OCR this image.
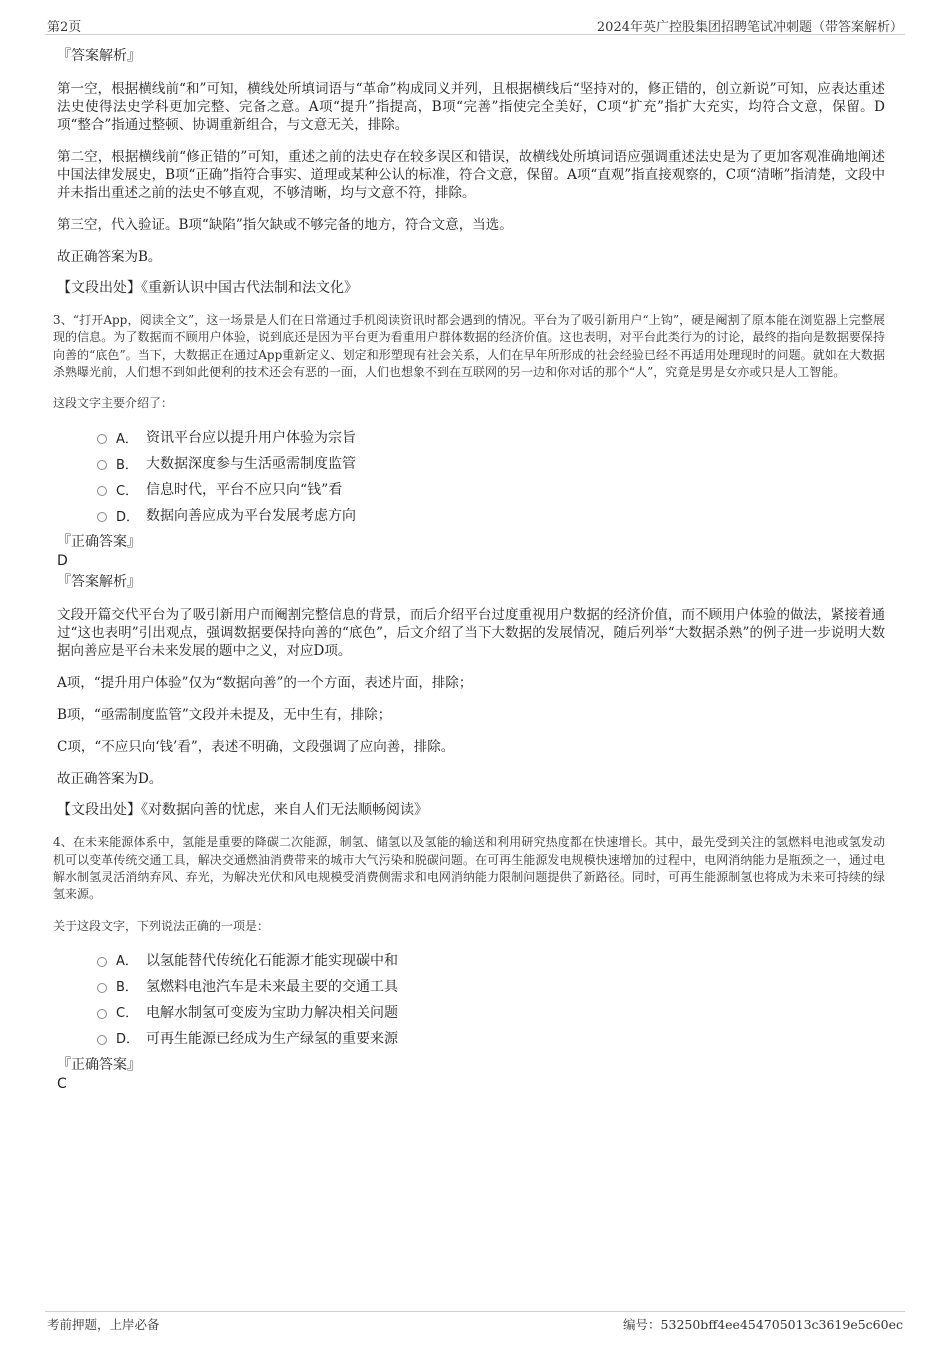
第2页	2024年英广控股集团招聘笔试冲刺题（带答案解析）

『答案解析』

第一空，根据横线前“和”可知，横线处所填词语与“革命”构成同义并列，且根据横线后“坚持对的，修正错的，创立新说”可知，应表达重述法史使得法史学科更加完整、完备之意。A项“提升”指提高，B项“完善”指使完全美好，C项“扩充”指扩大充实，均符合文意，保留。D项“整合”指通过整顿、协调重新组合，与文意无关，排除。

第二空，根据横线前“修正错的”可知，重述之前的法史存在较多误区和错误，故横线处所填词语应强调重述法史是为了更加客观准确地阐述中国法律发展史，B项“正确”指符合事实、道理或某种公认的标准，符合文意，保留。A项“直观”指直接观察的，C项“清晰”指清楚，文段中并未指出重述之前的法史不够直观，不够清晰，均与文意不符，排除。

第三空，代入验证。B项“缺陷”指欠缺或不够完备的地方，符合文意，当选。

故正确答案为B。

【文段出处】《重新认识中国古代法制和法文化》

3、“打开App，阅读全文”，这一场景是人们在日常通过手机阅读资讯时都会遇到的情况。平台为了吸引新用户“上钩”，硬是阉割了原本能在浏览器上完整展现的信息。为了数据而不顾用户体验，说到底还是因为平台更为看重用户群体数据的经济价值。这也表明，对平台此类行为的讨论，最终的指向是数据要保持向善的“底色”。当下，大数据正在通过App重新定义、划定和形塑现有社会关系，人们在早年所形成的社会经验已经不再适用处理现时的问题。就如在大数据杀熟曝光前，人们想不到如此便利的技术还会有恶的一面，人们也想象不到在互联网的另一边和你对话的那个“人”，究竟是男是女亦或只是人工智能。

这段文字主要介绍了：

A． 资讯平台应以提升用户体验为宗旨
B． 大数据深度参与生活亟需制度监管
C． 信息时代，平台不应只向“钱”看
D． 数据向善应成为平台发展考虑方向

『正确答案』

D

『答案解析』

文段开篇交代平台为了吸引新用户而阉割完整信息的背景，而后介绍平台过度重视用户数据的经济价值，而不顾用户体验的做法，紧接着通过“这也表明”引出观点，强调数据要保持向善的“底色”，后文介绍了当下大数据的发展情况，随后列举“大数据杀熟”的例子进一步说明大数据向善应是平台未来发展的题中之义，对应D项。

A项，“提升用户体验”仅为“数据向善”的一个方面，表述片面，排除；

B项，“亟需制度监管”文段并未提及，无中生有，排除；

C项，“不应只向‘钱’看”，表述不明确，文段强调了应向善，排除。

故正确答案为D。

【文段出处】《对数据向善的忧虑，来自人们无法顺畅阅读》

4、在未来能源体系中，氢能是重要的降碳二次能源，制氢、储氢以及氢能的输送和利用研究热度都在快速增长。其中，最先受到关注的氢燃料电池或氢发动机可以变革传统交通工具，解决交通燃油消费带来的城市大气污染和脱碳问题。在可再生能源发电规模快速增加的过程中，电网消纳能力是瓶颈之一，通过电解水制氢灵活消纳弃风、弃光，为解决光伏和风电规模受消费侧需求和电网消纳能力限制问题提供了新路径。同时，可再生能源制氢也将成为未来可持续的绿氢来源。

关于这段文字，下列说法正确的一项是：

A． 以氢能替代传统化石能源才能实现碳中和
B． 氢燃料电池汽车是未来最主要的交通工具
C． 电解水制氢可变废为宝助力解决相关问题
D． 可再生能源已经成为生产绿氢的重要来源

『正确答案』

C

考前押题，上岸必备	编号：53250bff4ee454705013c3619e5c60ec
